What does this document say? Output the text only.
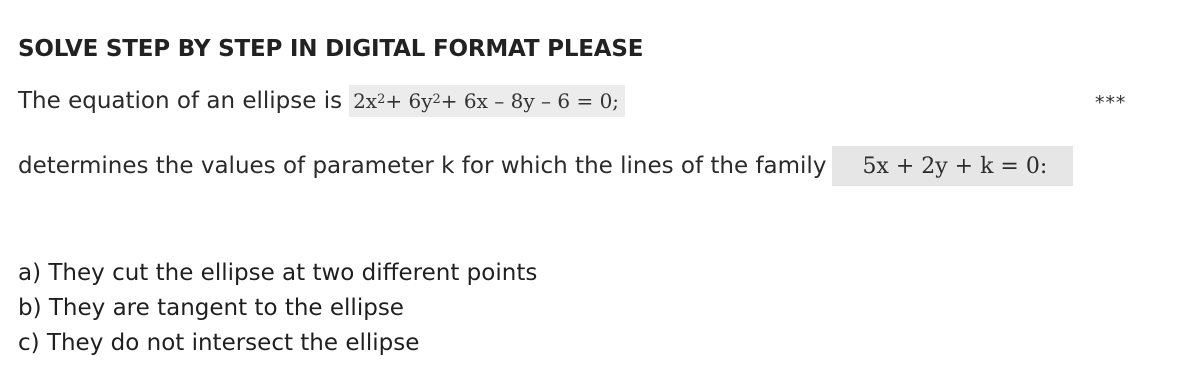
SOLVE STEP BY STEP IN DIGITAL FORMAT PLEASE
The equation of an ellipse is $2x^2 + 6y^2 + 6x - 8y - 6 = 0$;	***
determines the values of parameter k for which the lines of the family	5x + 2y + k = 0:
a) They cut the ellipse at two different points
b) They are tangent to the ellipse
c) They do not intersect the ellipse
